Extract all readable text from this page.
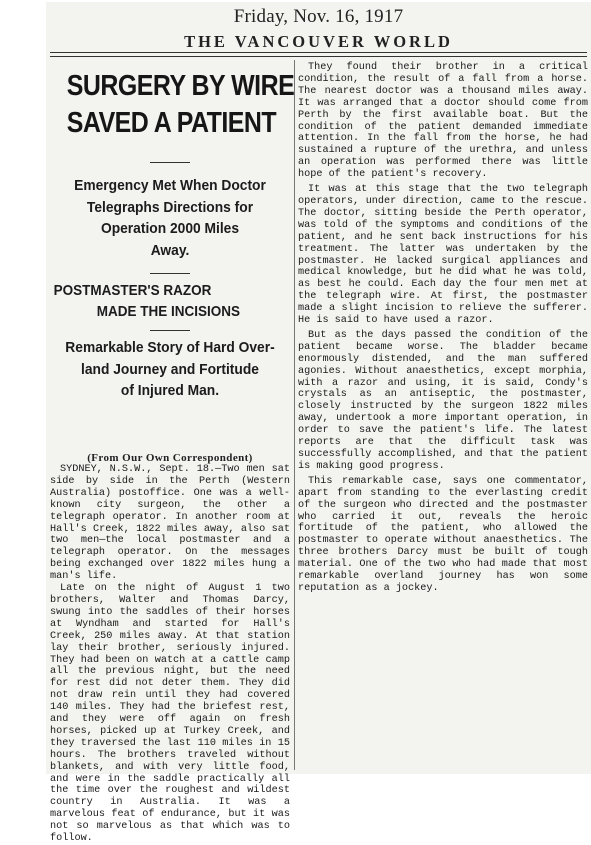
Friday, Nov. 16, 1917
THE VANCOUVER WORLD
SURGERY BY WIRE
SAVED A PATIENT
Emergency Met When Doctor
Telegraphs Directions for
Operation 2000 Miles
Away.
POSTMASTER'S RAZOR
MADE THE INCISIONS
Remarkable Story of Hard Over-
land Journey and Fortitude
of Injured Man.

(From Our Own Correspondent)

SYDNEY, N.S.W., Sept. 18.—Two men sat side by side in the Perth (Western Australia) postoffice. One was a well-known city surgeon, the other a telegraph operator. In another room at Hall's Creek, 1822 miles away, also sat two men—the local postmaster and a telegraph operator. On the messages being exchanged over 1822 miles hung a man's life.

Late on the night of August 1 two brothers, Walter and Thomas Darcy, swung into the saddles of their horses at Wyndham and started for Hall's Creek, 250 miles away. At that station lay their brother, seriously injured. They had been on watch at a cattle camp all the previous night, but the need for rest did not deter them. They did not draw rein until they had covered 140 miles. They had the briefest rest, and they were off again on fresh horses, picked up at Turkey Creek, and they traversed the last 110 miles in 15 hours. The brothers traveled without blankets, and with very little food, and were in the saddle practically all the time over the roughest and wildest country in Australia. It was a marvelous feat of endurance, but it was not so marvelous as that which was to follow.

They found their brother in a critical condition, the result of a fall from a horse. The nearest doctor was a thousand miles away. It was arranged that a doctor should come from Perth by the first available boat. But the condition of the patient demanded immediate attention. In the fall from the horse, he had sustained a rupture of the urethra, and unless an operation was performed there was little hope of the patient's recovery.

It was at this stage that the two telegraph operators, under direction, came to the rescue. The doctor, sitting beside the Perth operator, was told of the symptoms and conditions of the patient, and he sent back instructions for his treatment. The latter was undertaken by the postmaster. He lacked surgical appliances and medical knowledge, but he did what he was told, as best he could. Each day the four men met at the telegraph wire. At first, the postmaster made a slight incision to relieve the sufferer. He is said to have used a razor.

But as the days passed the condition of the patient became worse. The bladder became enormously distended, and the man suffered agonies. Without anaesthetics, except morphia, with a razor and using, it is said, Condy's crystals as an antiseptic, the postmaster, closely instructed by the surgeon 1822 miles away, undertook a more important operation, in order to save the patient's life. The latest reports are that the difficult task was successfully accomplished, and that the patient is making good progress.

This remarkable case, says one commentator, apart from standing to the everlasting credit of the surgeon who directed and the postmaster who carried it out, reveals the heroic fortitude of the patient, who allowed the postmaster to operate without anaesthetics. The three brothers Darcy must be built of tough material. One of the two who had made that most remarkable overland journey has won some reputation as a jockey.
